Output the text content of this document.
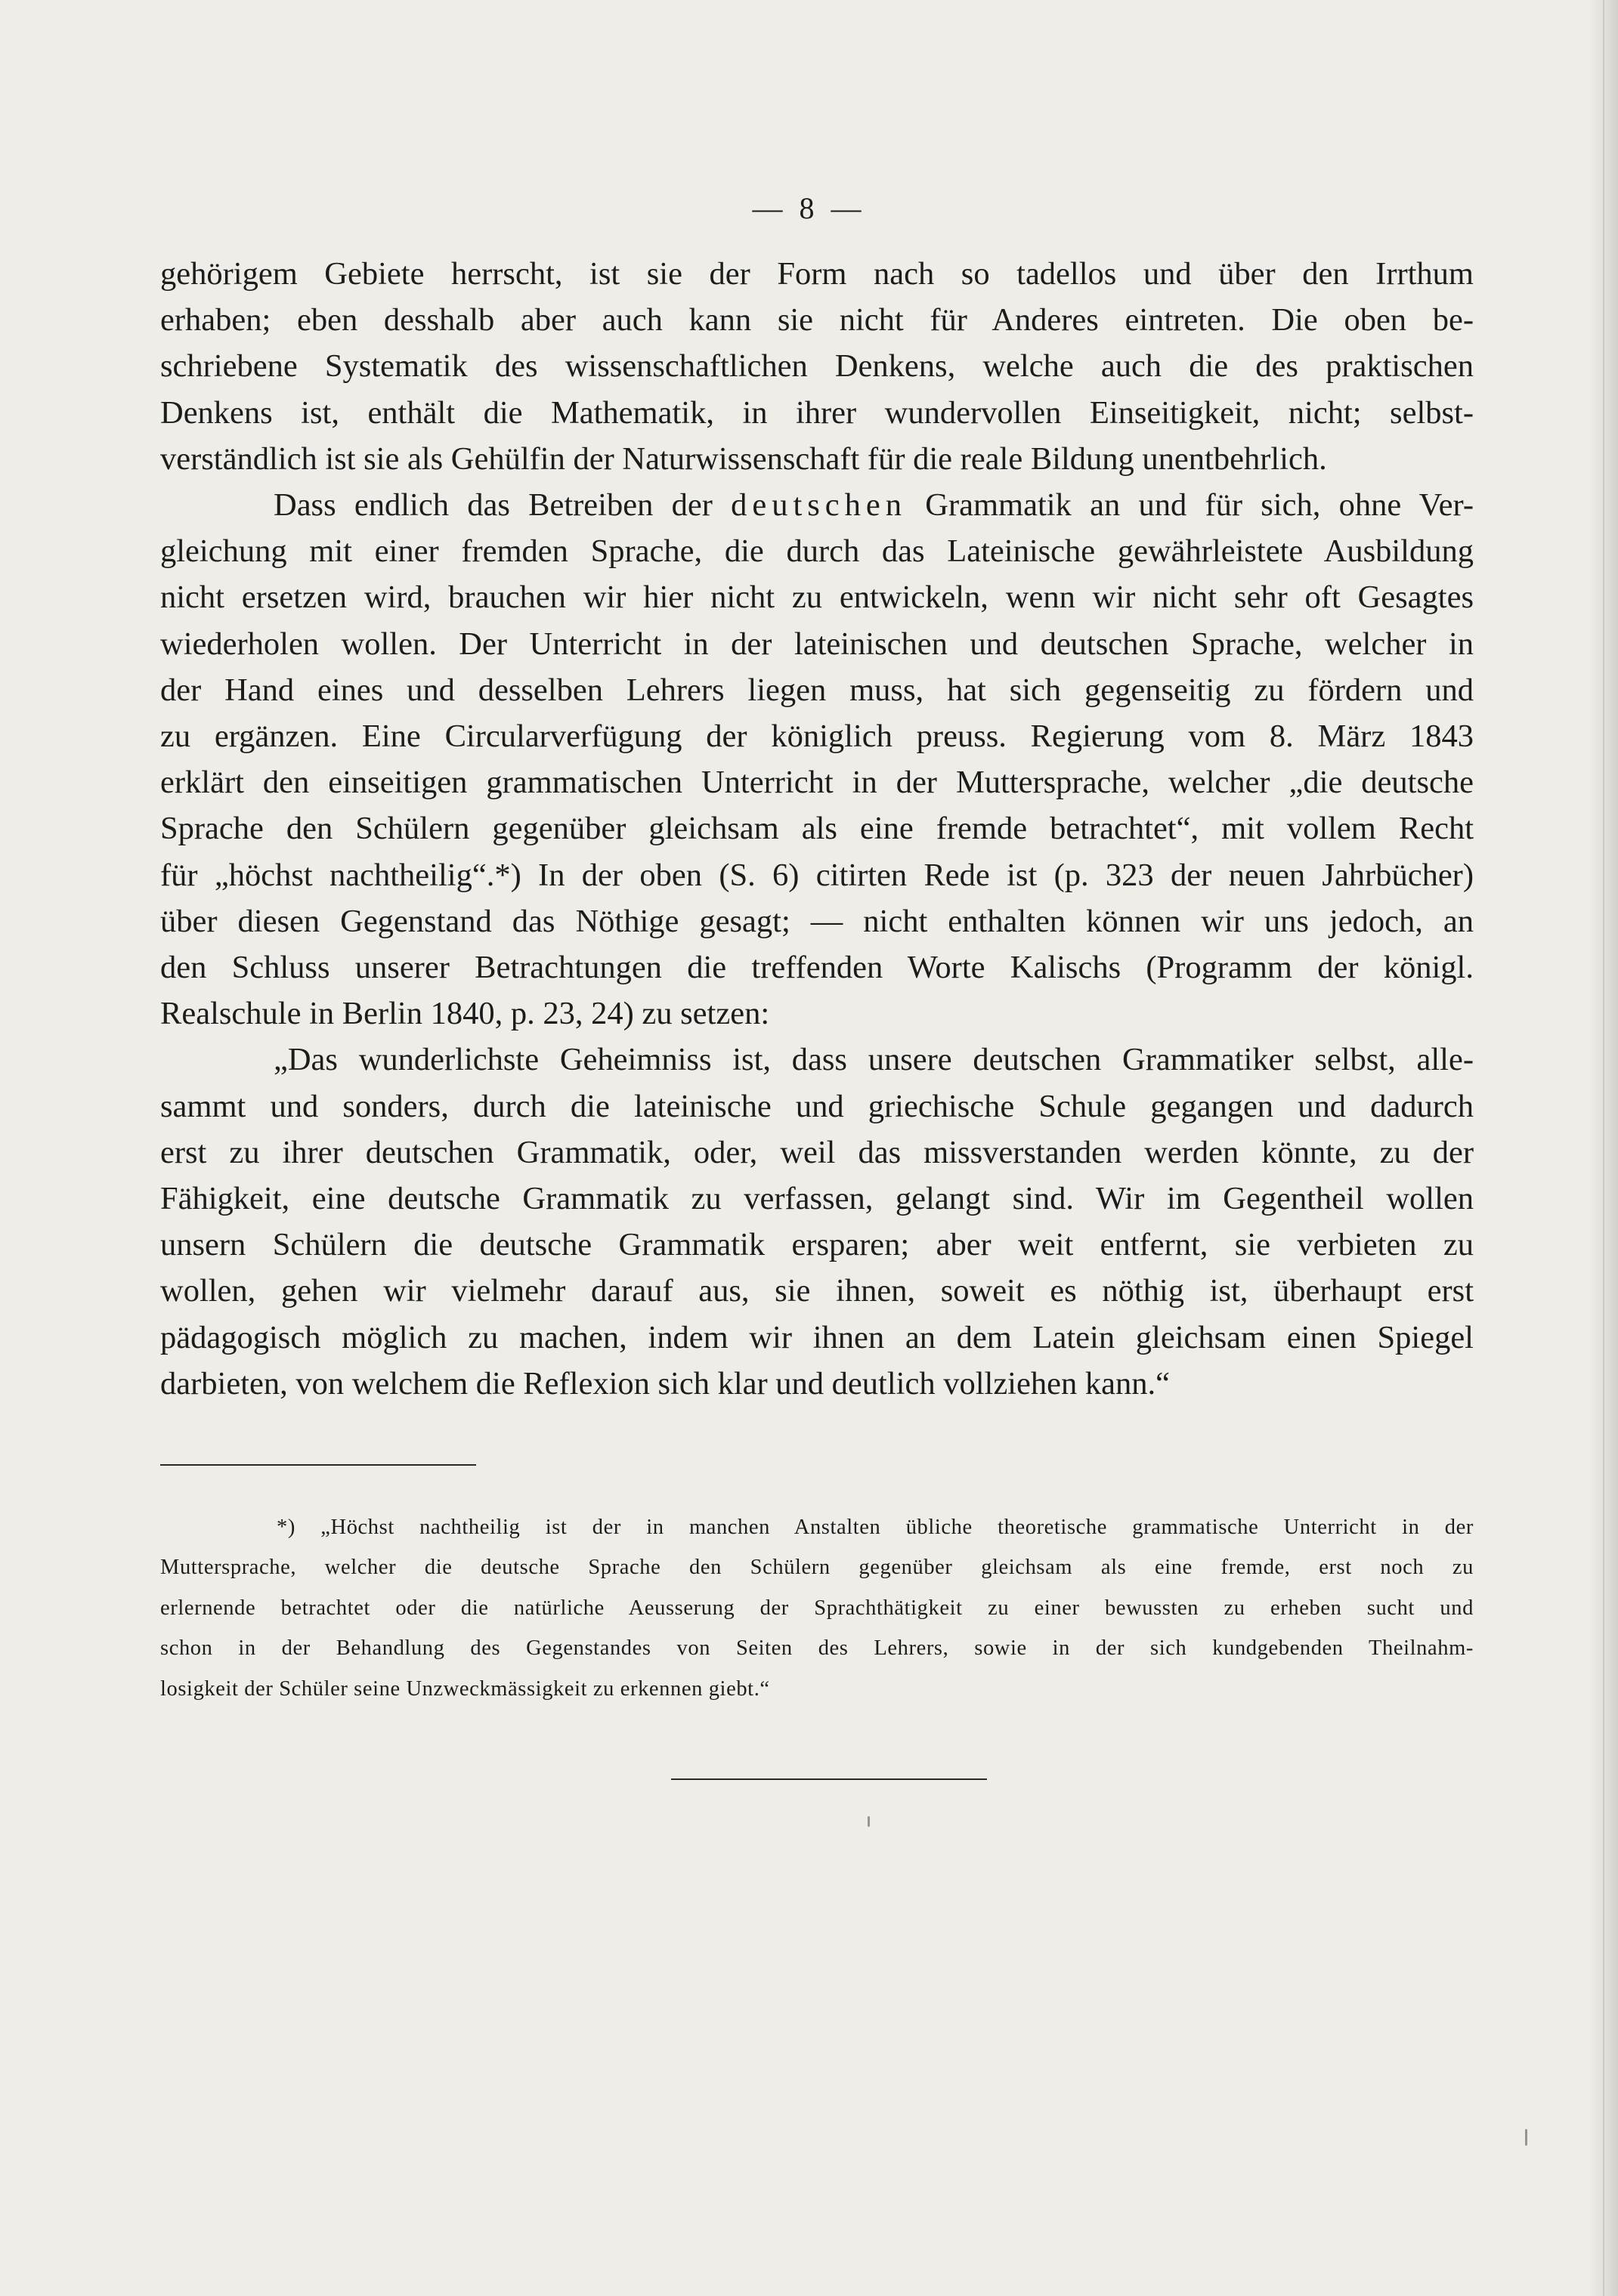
— 8 —

gehörigem Gebiete herrscht, ist sie der Form nach so tadellos und über den Irrthum
erhaben; eben desshalb aber auch kann sie nicht für Anderes eintreten. Die oben be-
schriebene Systematik des wissenschaftlichen Denkens, welche auch die des praktischen
Denkens ist, enthält die Mathematik, in ihrer wundervollen Einseitigkeit, nicht; selbst-
verständlich ist sie als Gehülfin der Naturwissenschaft für die reale Bildung unentbehrlich.
Dass endlich das Betreiben der deutschen Grammatik an und für sich, ohne Ver-
gleichung mit einer fremden Sprache, die durch das Lateinische gewährleistete Ausbildung
nicht ersetzen wird, brauchen wir hier nicht zu entwickeln, wenn wir nicht sehr oft Gesagtes
wiederholen wollen. Der Unterricht in der lateinischen und deutschen Sprache, welcher in
der Hand eines und desselben Lehrers liegen muss, hat sich gegenseitig zu fördern und
zu ergänzen. Eine Circularverfügung der königlich preuss. Regierung vom 8. März 1843
erklärt den einseitigen grammatischen Unterricht in der Muttersprache, welcher „die deutsche
Sprache den Schülern gegenüber gleichsam als eine fremde betrachtet“, mit vollem Recht
für „höchst nachtheilig“.*) In der oben (S. 6) citirten Rede ist (p. 323 der neuen Jahrbücher)
über diesen Gegenstand das Nöthige gesagt; — nicht enthalten können wir uns jedoch, an
den Schluss unserer Betrachtungen die treffenden Worte Kalischs (Programm der königl.
Realschule in Berlin 1840, p. 23, 24) zu setzen:
„Das wunderlichste Geheimniss ist, dass unsere deutschen Grammatiker selbst, alle-
sammt und sonders, durch die lateinische und griechische Schule gegangen und dadurch
erst zu ihrer deutschen Grammatik, oder, weil das missverstanden werden könnte, zu der
Fähigkeit, eine deutsche Grammatik zu verfassen, gelangt sind. Wir im Gegentheil wollen
unsern Schülern die deutsche Grammatik ersparen; aber weit entfernt, sie verbieten zu
wollen, gehen wir vielmehr darauf aus, sie ihnen, soweit es nöthig ist, überhaupt erst
pädagogisch möglich zu machen, indem wir ihnen an dem Latein gleichsam einen Spiegel
darbieten, von welchem die Reflexion sich klar und deutlich vollziehen kann.“
*) „Höchst nachtheilig ist der in manchen Anstalten übliche theoretische grammatische Unterricht in der
Muttersprache, welcher die deutsche Sprache den Schülern gegenüber gleichsam als eine fremde, erst noch zu
erlernende betrachtet oder die natürliche Aeusserung der Sprachthätigkeit zu einer bewussten zu erheben sucht und
schon in der Behandlung des Gegenstandes von Seiten des Lehrers, sowie in der sich kundgebenden Theilnahm-
losigkeit der Schüler seine Unzweckmässigkeit zu erkennen giebt.“
